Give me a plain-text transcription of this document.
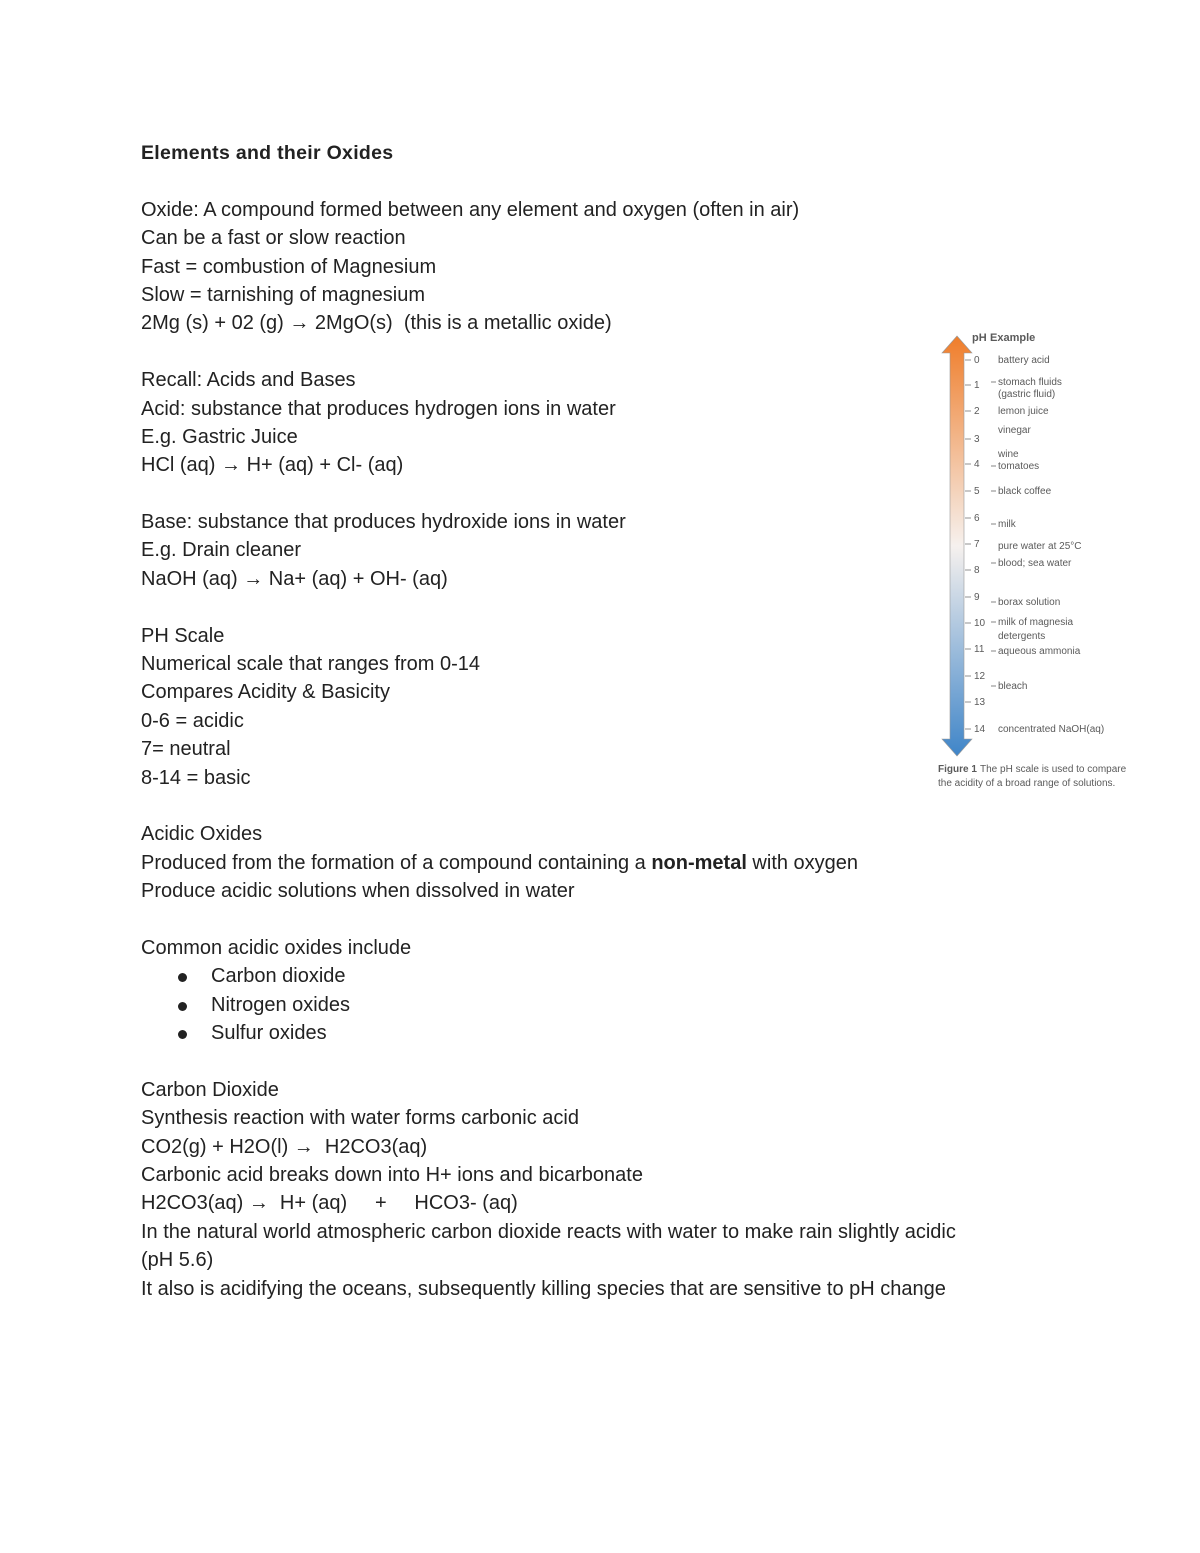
Elements and their Oxides
Oxide: A compound formed between any element and oxygen (often in air)
Can be a fast or slow reaction
Fast = combustion of Magnesium
Slow = tarnishing of magnesium
2Mg (s) + 02 (g) → 2MgO(s)  (this is a metallic oxide)
Recall: Acids and Bases
Acid: substance that produces hydrogen ions in water
E.g. Gastric Juice
HCl (aq) → H+ (aq) + Cl- (aq)
Base: substance that produces hydroxide ions in water
E.g. Drain cleaner
NaOH (aq) → Na+ (aq) + OH- (aq)
PH Scale
Numerical scale that ranges from 0-14
Compares Acidity & Basicity
0-6 = acidic
7= neutral
8-14 = basic
Acidic Oxides
Produced from the formation of a compound containing a non-metal with oxygen
Produce acidic solutions when dissolved in water
Common acidic oxides include
Carbon dioxide
Nitrogen oxides
Sulfur oxides
Carbon Dioxide
Synthesis reaction with water forms carbonic acid
CO2(g) + H2O(l) →  H2CO3(aq)
Carbonic acid breaks down into H+ ions and bicarbonate
H2CO3(aq) →  H+ (aq)     +     HCO3- (aq)
In the natural world atmospheric carbon dioxide reacts with water to make rain slightly acidic
(pH 5.6)
It also is acidifying the oceans, subsequently killing species that are sensitive to pH change
pH Example
0
1
2
3
4
5
6
7
8
9
10
11
12
13
14
battery acid
stomach fluids
(gastric fluid)
lemon juice
vinegar
wine
tomatoes
black coffee
milk
pure water at 25°C
blood; sea water
borax solution
milk of magnesia
detergents
aqueous ammonia
bleach
concentrated NaOH(aq)
Figure 1 The pH scale is used to compare
the acidity of a broad range of solutions.
